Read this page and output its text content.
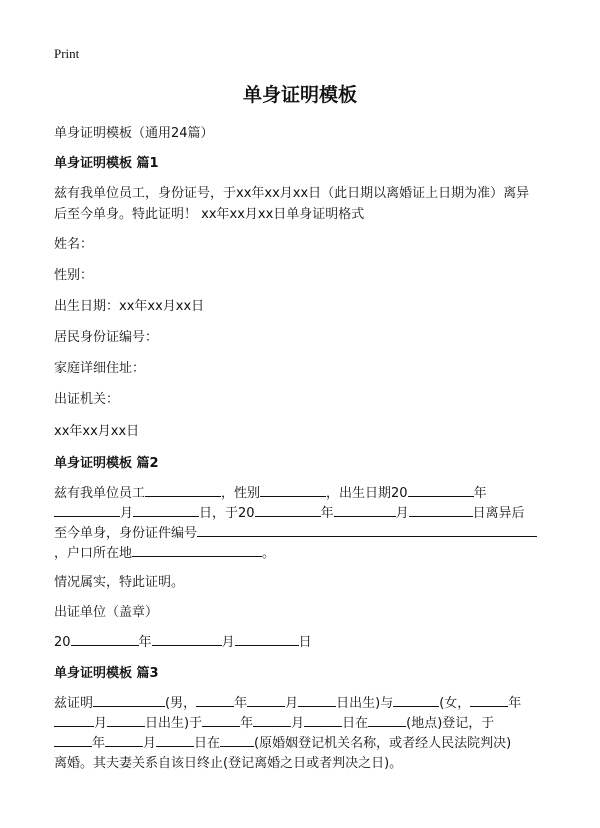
Print
单身证明模板
单身证明模板（通用24篇）
单身证明模板 篇1
兹有我单位员工，身份证号，于xx年xx月xx日（此日期以离婚证上日期为准）离异
后至今单身。特此证明！ xx年xx月xx日单身证明格式
姓名：
性别：
出生日期：xx年xx月xx日
居民身份证编号：
家庭详细住址：
出证机关：
xx年xx月xx日
单身证明模板 篇2
兹有我单位员工	，性别	，出生日期20	年
月	日，于20	年	月	日离异后
至今单身，身份证件编号
，户口所在地	。
情况属实，特此证明。
出证单位（盖章）
20	年	月	日
单身证明模板 篇3
兹证明	(男，	年	月	日出生)与	(女，	年
月	日出生)于	年	月	日在	(地点)登记，于
年	月	日在	(原婚姻登记机关名称，或者经人民法院判决)
离婚。其夫妻关系自该日终止(登记离婚之日或者判决之日)。
